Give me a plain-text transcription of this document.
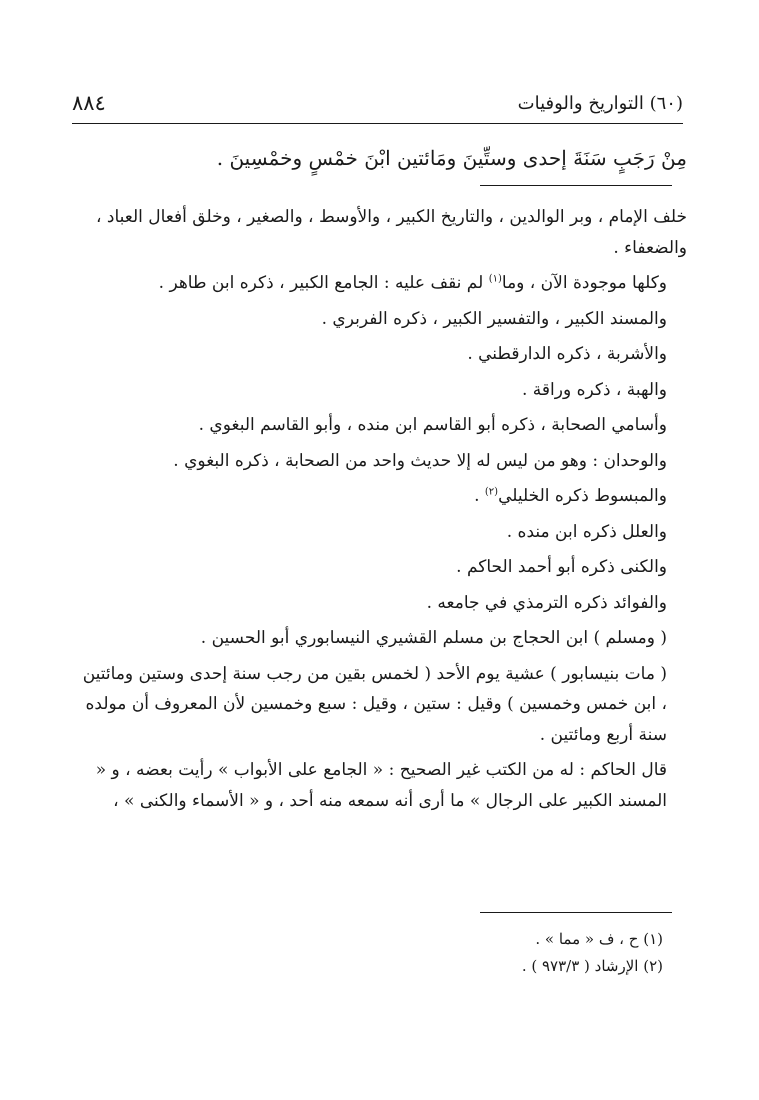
٨٨٤	(٦٠) التواريخ والوفيات
مِنْ رَجَبٍ سَنَةَ إحدى وستِّينَ ومَائتين ابْنَ خمْسٍ وخمْسِينَ .

خلف الإمام ، وبر الوالدين ، والتاريخ الكبير ، والأوسط ، والصغير ، وخلق أفعال العباد ، والضعفاء .

وكلها موجودة الآن ، وما$^{(١)}$ لم نقف عليه : الجامع الكبير ، ذكره ابن طاهر .

والمسند الكبير ، والتفسير الكبير ، ذكره الفربري .

والأشربة ، ذكره الدارقطني .

والهبة ، ذكره وراقة .

وأسامي الصحابة ، ذكره أبو القاسم ابن منده ، وأبو القاسم البغوي .

والوحدان : وهو من ليس له إلا حديث واحد من الصحابة ، ذكره البغوي .

والمبسوط ذكره الخليلي$^{(٢)}$ .

والعلل ذكره ابن منده .

والكنى ذكره أبو أحمد الحاكم .

والفوائد ذكره الترمذي في جامعه .

( ومسلم ) ابن الحجاج بن مسلم القشيري النيسابوري أبو الحسين .

( مات بنيسابور ) عشية يوم الأحد ( لخمس بقين من رجب سنة إحدى وستين ومائتين ، ابن خمس وخمسين ) وقيل : ستين ، وقيل : سبع وخمسين لأن المعروف أن مولده سنة أربع ومائتين .

قال الحاكم : له من الكتب غير الصحيح : « الجامع على الأبواب » رأيت بعضه ، و « المسند الكبير على الرجال » ما أرى أنه سمعه منه أحد ، و « الأسماء والكنى » ،

(١) ح ، ف « مما » .
(٢) الإرشاد ( ٩٧٣/٣ ) .
